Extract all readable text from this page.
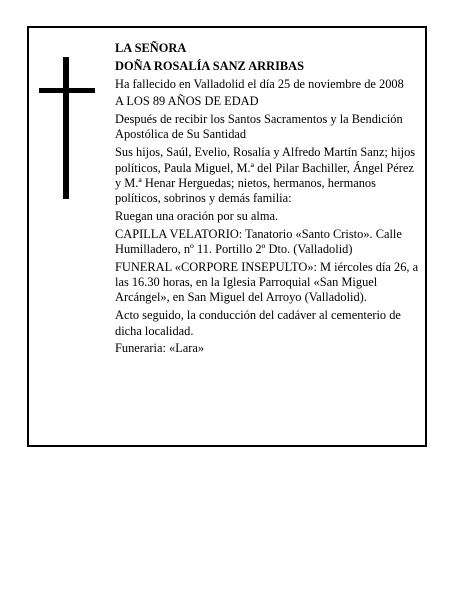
LA SEÑORA

DOÑA ROSALÍA SANZ ARRIBAS

Ha fallecido en Valladolid el día 25 de noviembre de 2008

A LOS 89 AÑOS DE EDAD

Después de recibir los Santos Sacramentos y la Bendición Apostólica de Su Santidad

Sus hijos, Saúl, Evelio, Rosalía y Alfredo Martín Sanz; hijos políticos, Paula Miguel, M.ª del Pilar Bachiller, Ángel Pérez y M.ª Henar Herguedas; nietos, hermanos, hermanos políticos, sobrinos y demás familia:

Ruegan una oración por su alma.

CAPILLA VELATORIO: Tanatorio «Santo Cristo». Calle Humilladero, nº 11. Portillo 2º Dto. (Valladolid)

FUNERAL «CORPORE INSEPULTO»: M iércoles día 26, a las 16.30 horas, en la Iglesia Parroquial «San Miguel Arcángel», en San Miguel del Arroyo (Valladolid).

Acto seguido, la conducción del cadáver al cementerio de dicha localidad.

Funeraria: «Lara»
